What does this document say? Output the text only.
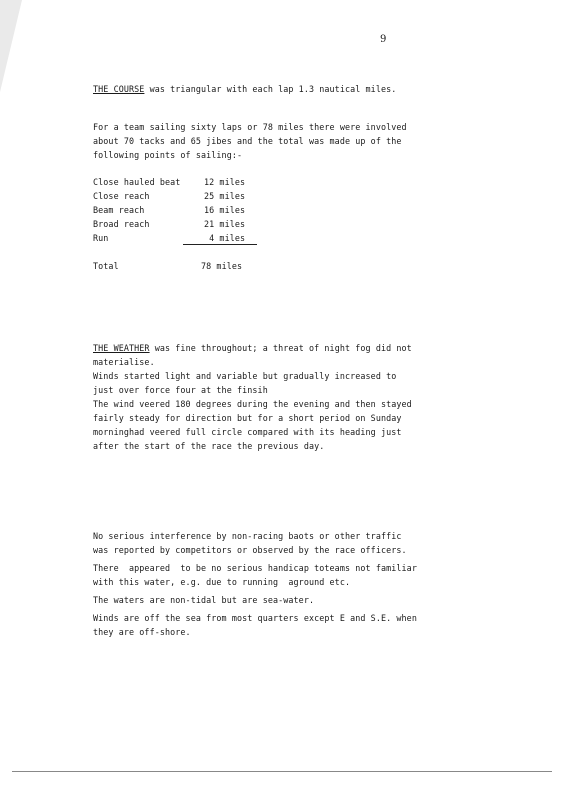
9
THE COURSE was triangular with each lap 1.3 nautical miles.
For a team sailing sixty laps or 78 miles there were involved
about 70 tacks and 65 jibes and the total was made up of the
following points of sailing:-
Close hauled beat	12 miles
Close reach	25 miles
Beam reach	16 miles
Broad reach	21 miles
Run	4 miles
Total	78 miles
THE WEATHER was fine throughout; a threat of night fog did not
materialise.
Winds started light and variable but gradually increased to
just over force four at the finsih
The wind veered 180 degrees during the evening and then stayed
fairly steady for direction but for a short period on Sunday
morninghad veered full circle compared with its heading just
after the start of the race the previous day.
No serious interference by non-racing baots or other traffic
was reported by competitors or observed by the race officers.
There  appeared  to be no serious handicap toteams not familiar
with this water, e.g. due to running  aground etc.
The waters are non-tidal but are sea-water.
Winds are off the sea from most quarters except E and S.E. when
they are off-shore.
